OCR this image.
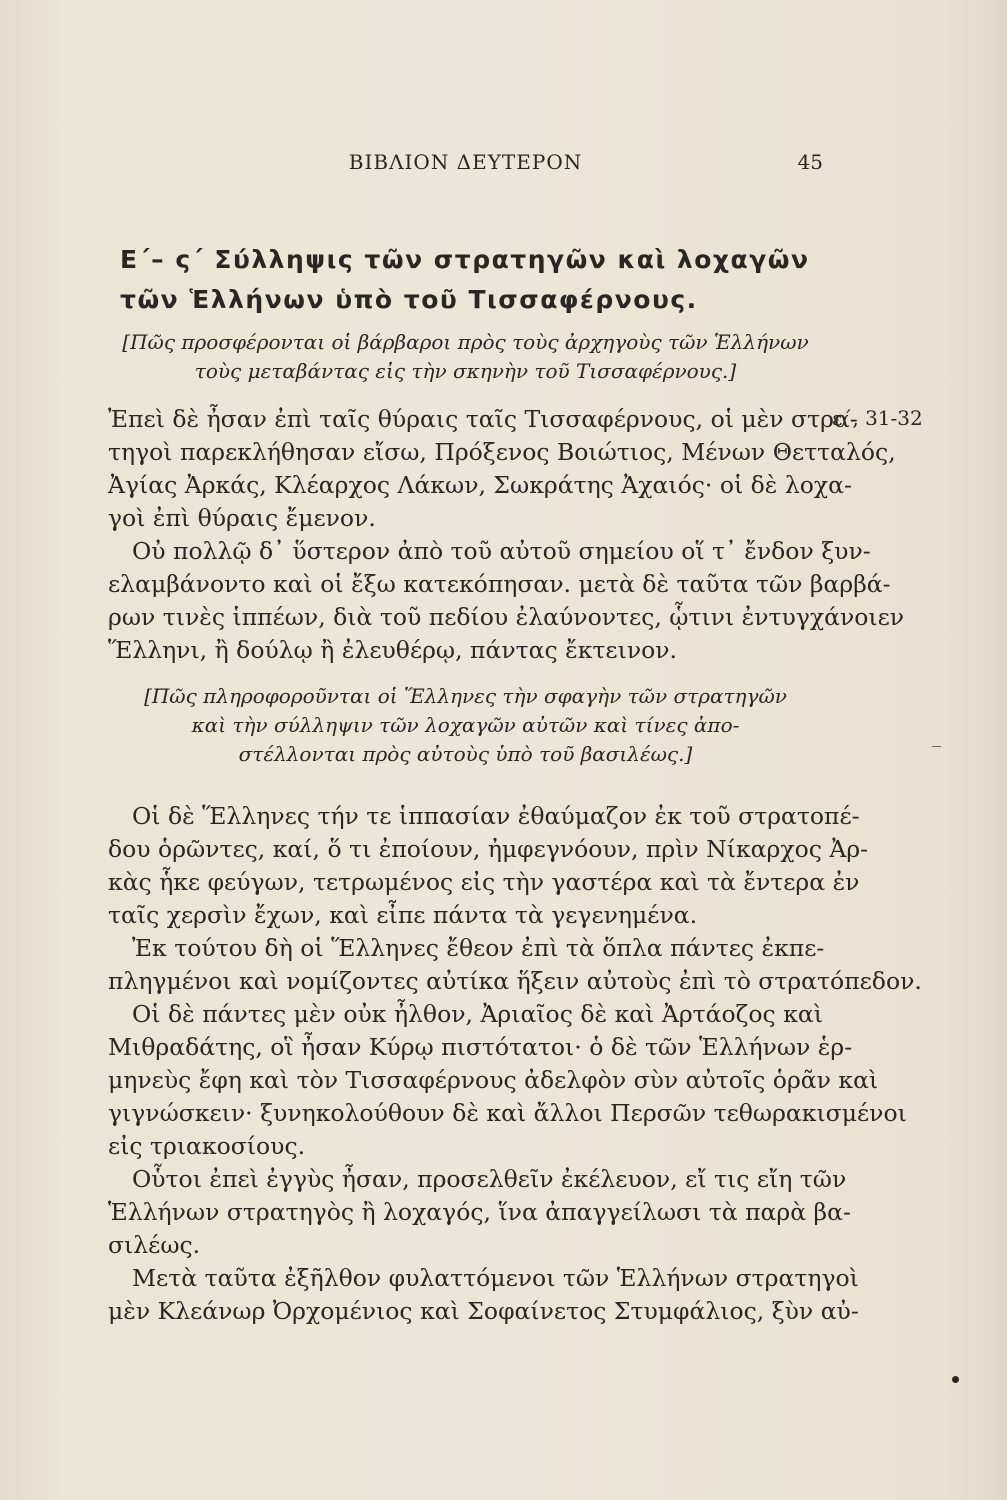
ΒΙΒΛΙΟΝ ΔΕΥΤΕΡΟΝ	45
Ε΄– ς΄ Σύλληψις τῶν στρατηγῶν καὶ λοχαγῶν
τῶν Ἑλλήνων ὑπὸ τοῦ Τισσαφέρνους.
[Πῶς προσφέρονται οἱ βάρβαροι πρὸς τοὺς ἀρχηγοὺς τῶν Ἑλλήνων
τοὺς μεταβάντας εἰς τὴν σκηνὴν τοῦ Τισσαφέρνους.]
ε΄, 31-32
Ἐπεὶ δὲ ἦσαν ἐπὶ ταῖς θύραις ταῖς Τισσαφέρνους, οἱ μὲν στρα-
τηγοὶ παρεκλήθησαν εἴσω, Πρόξενος Βοιώτιος, Μένων Θετταλός,
Ἀγίας Ἀρκάς, Κλέαρχος Λάκων, Σωκράτης Ἀχαιός· οἱ δὲ λοχα-
γοὶ ἐπὶ θύραις ἔμενον.
Οὐ πολλῷ δ᾽ ὕστερον ἀπὸ τοῦ αὐτοῦ σημείου οἵ τ᾽ ἔνδον ξυν-
ελαμβάνοντο καὶ οἱ ἔξω κατεκόπησαν. μετὰ δὲ ταῦτα τῶν βαρβά-
ρων τινὲς ἱππέων, διὰ τοῦ πεδίου ἐλαύνοντες, ᾧτινι ἐντυγχάνοιεν
Ἕλληνι, ἢ δούλῳ ἢ ἐλευθέρῳ, πάντας ἔκτεινον.
[Πῶς πληροφοροῦνται οἱ Ἕλληνες τὴν σφαγὴν τῶν στρατηγῶν
καὶ τὴν σύλληψιν τῶν λοχαγῶν αὐτῶν καὶ τίνες ἀπο-
στέλλονται πρὸς αὐτοὺς ὑπὸ τοῦ βασιλέως.]
Οἱ δὲ Ἕλληνες τήν τε ἱππασίαν ἐθαύμαζον ἐκ τοῦ στρατοπέ-
δου ὁρῶντες, καί, ὅ τι ἐποίουν, ἠμφεγνόουν, πρὶν Νίκαρχος Ἀρ-
κὰς ἧκε φεύγων, τετρωμένος εἰς τὴν γαστέρα καὶ τὰ ἔντερα ἐν
ταῖς χερσὶν ἔχων, καὶ εἶπε πάντα τὰ γεγενημένα.
Ἐκ τούτου δὴ οἱ Ἕλληνες ἔθεον ἐπὶ τὰ ὅπλα πάντες ἐκπε-
πληγμένοι καὶ νομίζοντες αὐτίκα ἥξειν αὐτοὺς ἐπὶ τὸ στρατόπεδον.
Οἱ δὲ πάντες μὲν οὐκ ἦλθον, Ἀριαῖος δὲ καὶ Ἀρτάοζος καὶ
Μιθραδάτης, οἳ ἦσαν Κύρῳ πιστότατοι· ὁ δὲ τῶν Ἑλλήνων ἑρ-
μηνεὺς ἔφη καὶ τὸν Τισσαφέρνους ἀδελφὸν σὺν αὐτοῖς ὁρᾶν καὶ
γιγνώσκειν· ξυνηκολούθουν δὲ καὶ ἄλλοι Περσῶν τεθωρακισμένοι
εἰς τριακοσίους.
Οὗτοι ἐπεὶ ἐγγὺς ἦσαν, προσελθεῖν ἐκέλευον, εἴ τις εἴη τῶν
Ἑλλήνων στρατηγὸς ἢ λοχαγός, ἵνα ἀπαγγείλωσι τὰ παρὰ βα-
σιλέως.
Μετὰ ταῦτα ἐξῆλθον φυλαττόμενοι τῶν Ἑλλήνων στρατηγοὶ
μὲν Κλεάνωρ Ὀρχομένιος καὶ Σοφαίνετος Στυμφάλιος, ξὺν αὐ-
